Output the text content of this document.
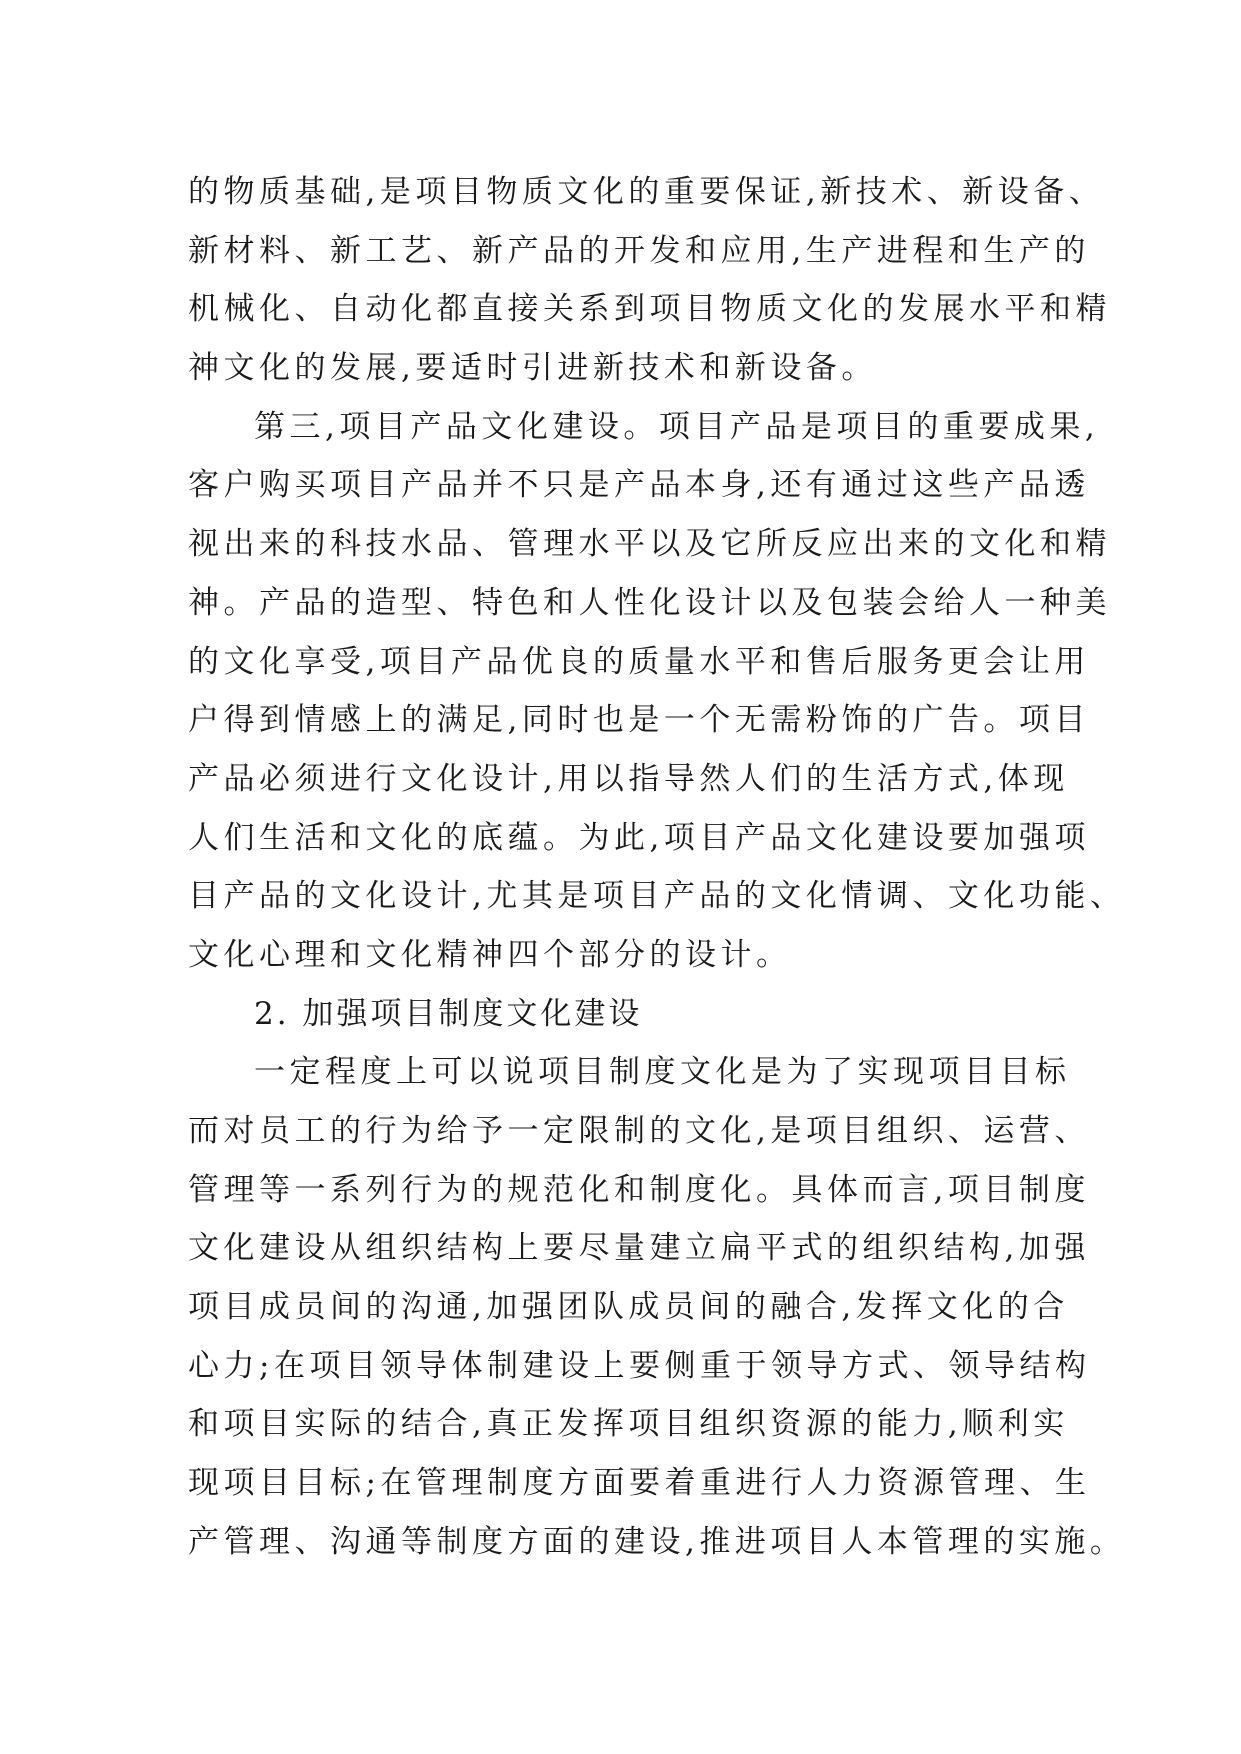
的物质基础,是项目物质文化的重要保证,新技术、新设备、
新材料、新工艺、新产品的开发和应用,生产进程和生产的
机械化、自动化都直接关系到项目物质文化的发展水平和精
神文化的发展,要适时引进新技术和新设备。
第三,项目产品文化建设。项目产品是项目的重要成果,
客户购买项目产品并不只是产品本身,还有通过这些产品透
视出来的科技水品、管理水平以及它所反应出来的文化和精
神。产品的造型、特色和人性化设计以及包装会给人一种美
的文化享受,项目产品优良的质量水平和售后服务更会让用
户得到情感上的满足,同时也是一个无需粉饰的广告。项目
产品必须进行文化设计,用以指导然人们的生活方式,体现
人们生活和文化的底蕴。为此,项目产品文化建设要加强项
目产品的文化设计,尤其是项目产品的文化情调、文化功能、
文化心理和文化精神四个部分的设计。
2. 加强项目制度文化建设
一定程度上可以说项目制度文化是为了实现项目目标
而对员工的行为给予一定限制的文化,是项目组织、运营、
管理等一系列行为的规范化和制度化。具体而言,项目制度
文化建设从组织结构上要尽量建立扁平式的组织结构,加强
项目成员间的沟通,加强团队成员间的融合,发挥文化的合
心力;在项目领导体制建设上要侧重于领导方式、领导结构
和项目实际的结合,真正发挥项目组织资源的能力,顺利实
现项目目标;在管理制度方面要着重进行人力资源管理、生
产管理、沟通等制度方面的建设,推进项目人本管理的实施。
